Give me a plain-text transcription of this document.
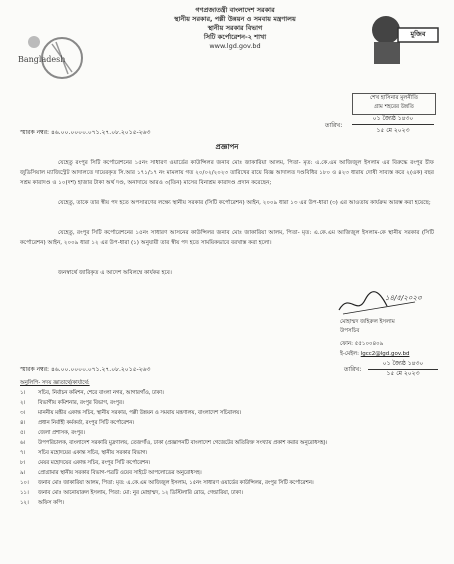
Bangladesh
গণপ্রজাতন্ত্রী বাংলাদেশ সরকার
স্থানীয় সরকার, পল্লী উন্নয়ন ও সমবায় মন্ত্রণালয়
স্থানীয় সরকার বিভাগ
সিটি কর্পোরেশন-২ শাখা
www.lgd.gov.bd
মুজিব
শেখ হাসিনার মূলনীতি
গ্রাম শহরের উন্নতি
স্মারক নম্বর: ৪৬.০০.০০০০.০৭১.২৭.০৮.২০১৫-২৬৩
তারিখ:
০১ জ্যৈষ্ঠ ১৪৩০
১৫ মে ২০২৩
প্রজ্ঞাপন

যেহেতু রংপুর সিটি কর্পোরেশনের ১৫নং সাধারণ ওয়ার্ডের কাউন্সিলর জনাব মোঃ জাকারিয়া আলম, পিতা- মৃত: এ.কে.এম আজিজুল ইসলাম এর বিরুদ্ধে রংপুর চীফ জুডিসিয়াল ম্যাজিস্ট্রেট আদালতে দায়েরকৃত সি.আর ১৭১/১৭ নং মামলায় গত ২০/০২/২০২৩ তারিখের রায়ে বিজ্ঞ আদালত দণ্ডবিধির ১৮০ ও ৪২৩ ধারায় দোষী সাব্যস্ত করে ২(এক) বছর সশ্রম কারাদণ্ড ও ১০(দশ) হাজার টাকা অর্থ দণ্ড, অনাদায়ে আরও ৩(তিন) মাসের বিনাশ্রম কারাদণ্ড প্রদান করেছেন;

যেহেতু, তাকে তার স্বীয় পদ হতে অপসারণের লক্ষ্যে স্থানীয় সরকার (সিটি কর্পোরেশন) আইন, ২০০৯ ধারা ১৩ এর উপ-ধারা (৩) এর আওতায় কার্যক্রম আরম্ভ করা হয়েছে;

যেহেতু, রংপুর সিটি কর্পোরেশনের ১৫নং সাধারণ আসনের কাউন্সিলর জনাব মোঃ জাকারিয়া আলম, পিতা- মৃত: এ.কে.এম আজিজুল ইসলাম-কে স্থানীয় সরকার (সিটি কর্পোরেশন) আইন, ২০০৯ ধারা ১২ এর উপ-ধারা (১) অনুযায়ী তার স্বীয় পদ হতে সাময়িকভাবে বরখাস্ত করা হলো।

জনস্বার্থে জারিকৃত এ আদেশ অবিলম্বে কার্যকর হবে।

১৪/৫/২০২৩
মোহাম্মদ জহিরুল ইসলাম
উপসচিব
ফোন: ৫৫১০০৪০৯
ই-মেইল: lgcc2@lgd.gov.bd
স্মারক নম্বর: ৪৬.০০.০০০০.০৭১.২৭.০৮.২০১৫-২৬৩
০১ জ্যৈষ্ঠ ১৪৩০
তারিখ:
১৫ মে ২০২৩
অনুলিপি- সদয় জ্ঞাতার্থে/কার্যার্থে:
১।	সচিব, নির্বাচন কমিশন, শেরে বাংলা নগর, আগারগাঁও, ঢাকা।
২।	বিভাগীয় কমিশনার, রংপুর বিভাগ, রংপুর।
৩।	মাননীয় মন্ত্রীর একান্ত সচিব, স্থানীয় সরকার, পল্লী উন্নয়ন ও সমবায় মন্ত্রণালয়, বাংলাদেশ সচিবালয়।
৪।	প্রধান নির্বাহী কর্মকর্তা, রংপুর সিটি কর্পোরেশন।
৫।	জেলা প্রশাসক, রংপুর।
৬।	উপপরিচালক, বাংলাদেশ সরকারি মুদ্রণালয়, তেজগাঁও, ঢাকা (প্রজ্ঞাপনটি বাংলাদেশ গেজেটের অতিরিক্ত সংখ্যায় প্রকাশ করার অনুরোধসহ)।
৭।	সচিব মহোদয়ের একান্ত সচিব, স্থানীয় সরকার বিভাগ।
৮।	মেয়র মহোদয়ের একান্ত সচিব, রংপুর সিটি কর্পোরেশন।
৯।	প্রোগ্রামার স্থানীয় সরকার বিভাগ-পত্রটি ওয়েব সাইটে আপলোডের অনুরোধসহ।
১০।	জনাব মোঃ জাকারিয়া আলম, পিতা: মৃত: এ.কে.এম আজিজুল ইসলাম, ১৫নং সাধারণ ওয়ার্ডের কাউন্সিলর, রংপুর সিটি কর্পোরেশন।
১১।	জনাব মোঃ আনোয়ারুল ইসলাম, পিতা: মো: নুর মোহাম্মদ, ১২ ডিস্টিলারি রোড, গেন্ডারিয়া, ঢাকা।
১২।	অফিস কপি।
